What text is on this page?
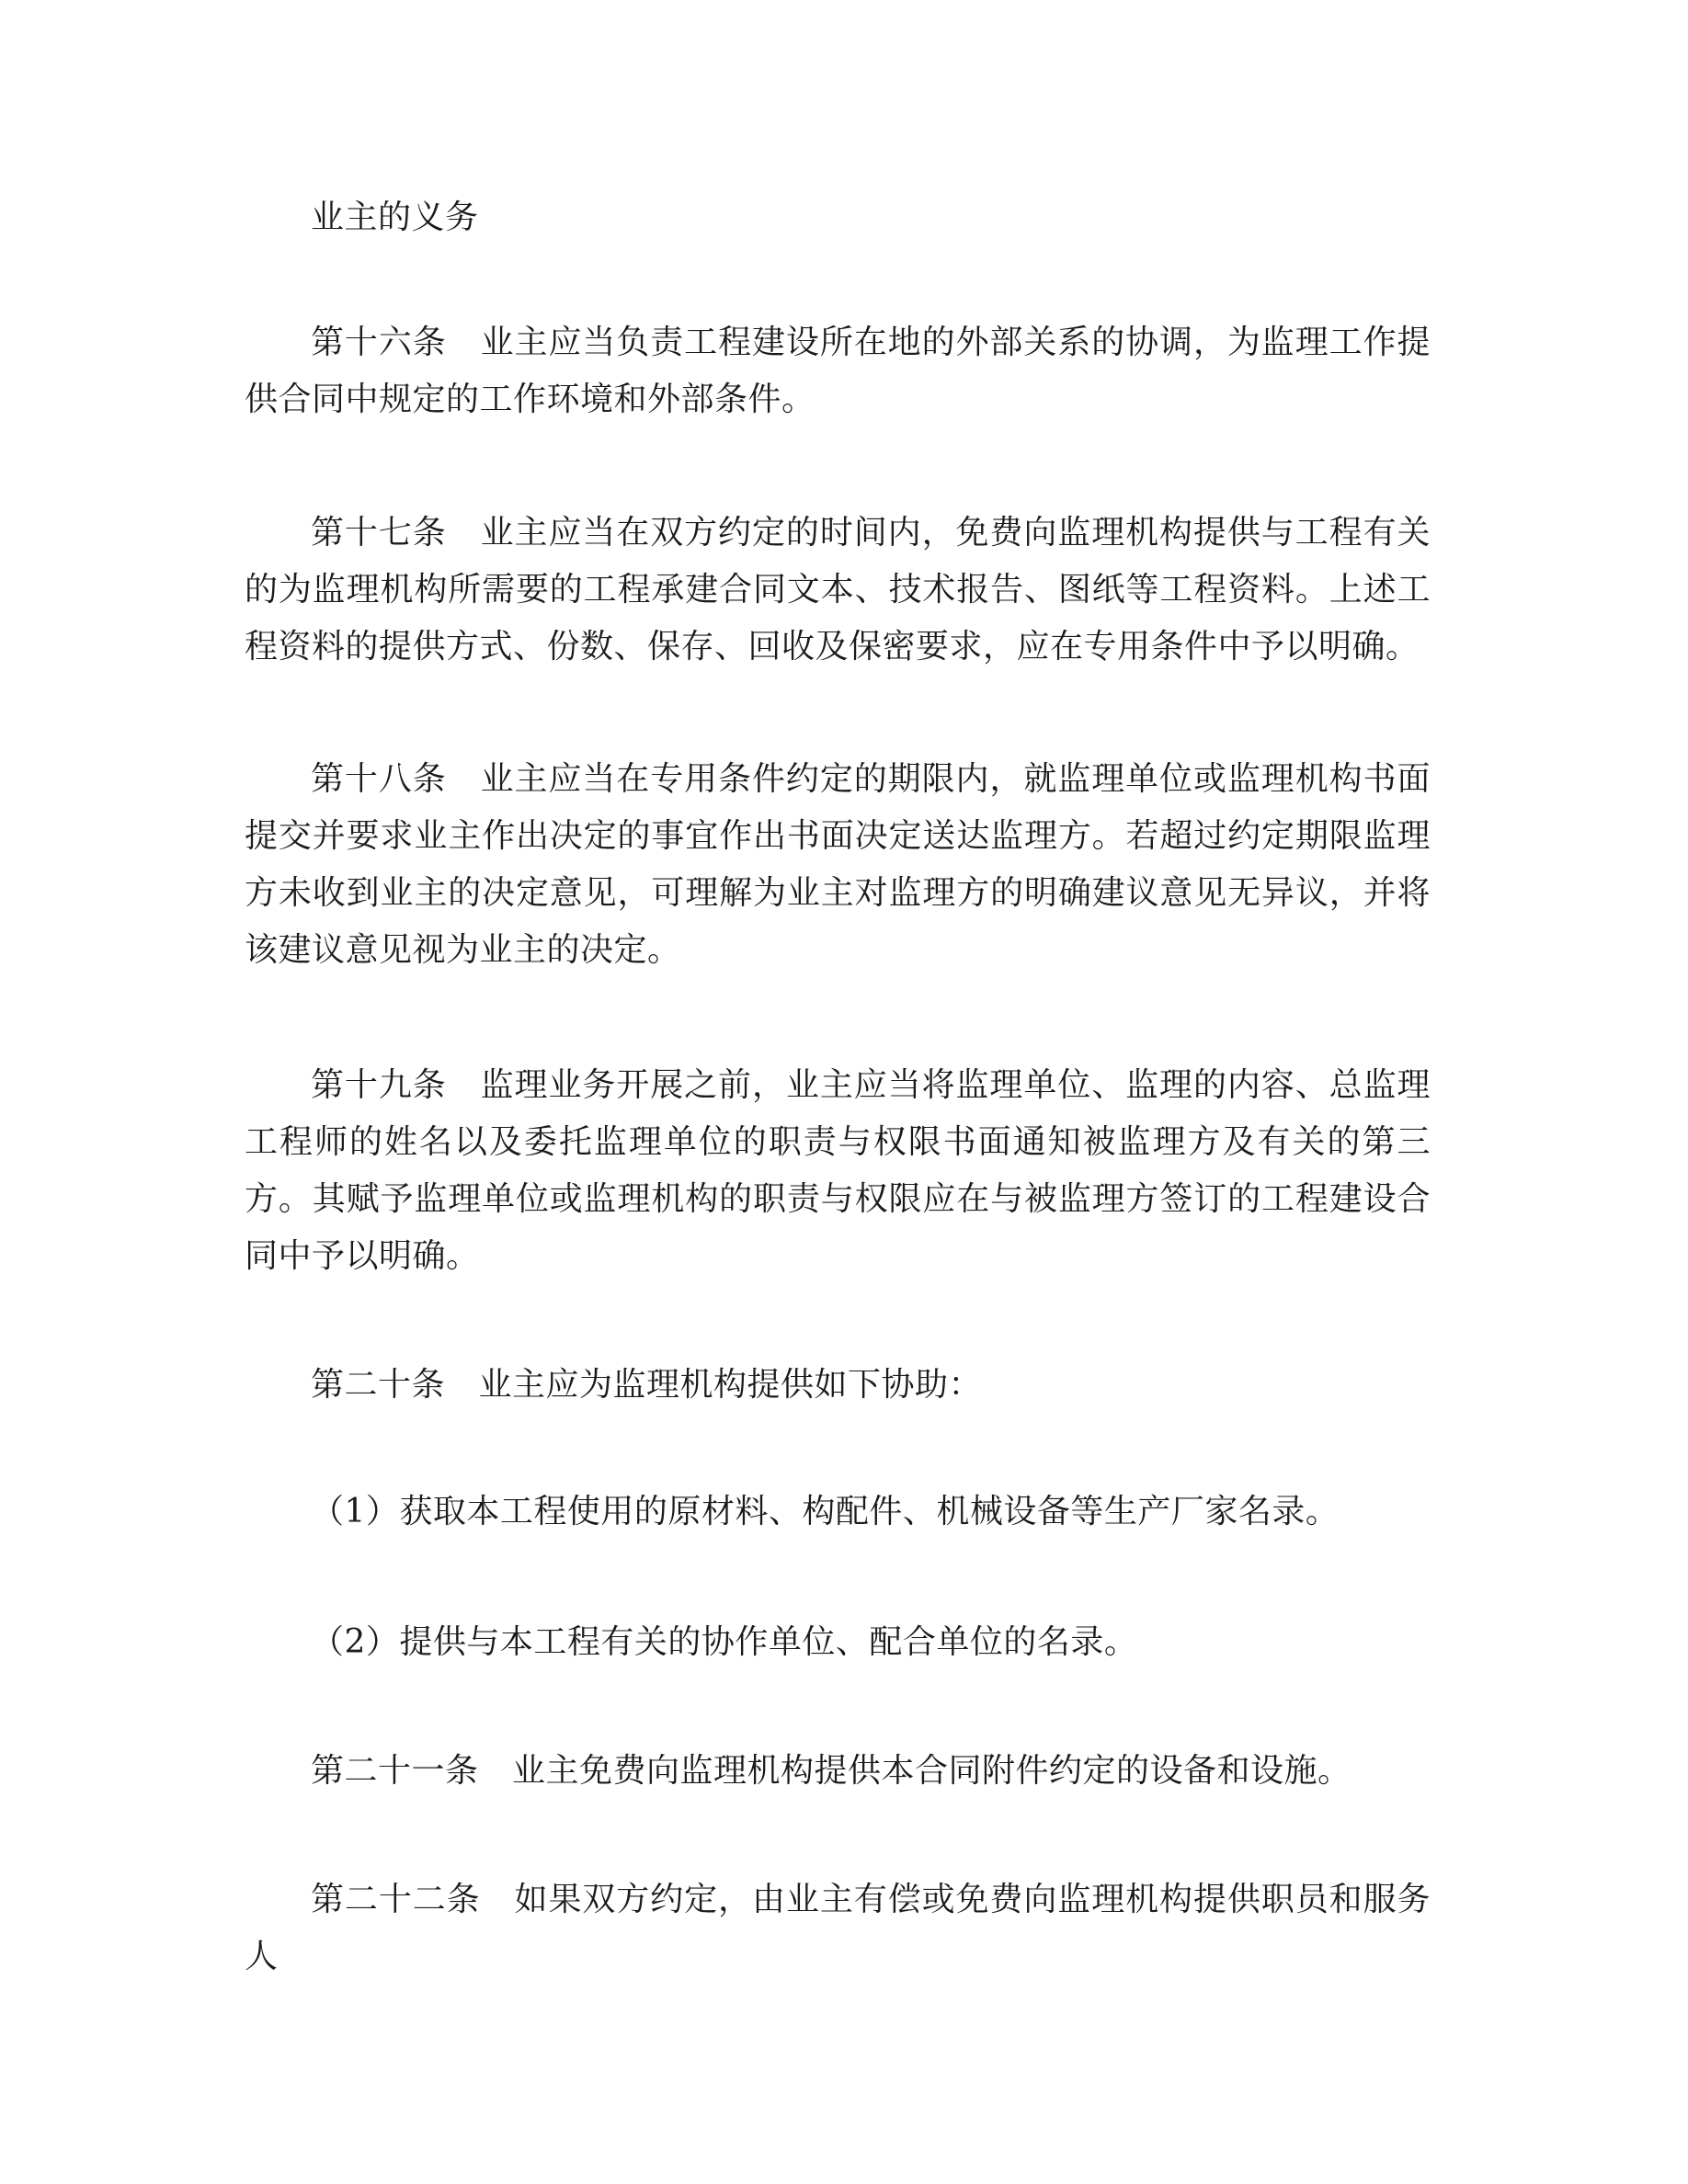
业主的义务

第十六条　业主应当负责工程建设所在地的外部关系的协调，为监理工作提供合同中规定的工作环境和外部条件。

第十七条　业主应当在双方约定的时间内，免费向监理机构提供与工程有关的为监理机构所需要的工程承建合同文本、技术报告、图纸等工程资料。上述工程资料的提供方式、份数、保存、回收及保密要求，应在专用条件中予以明确。

第十八条　业主应当在专用条件约定的期限内，就监理单位或监理机构书面提交并要求业主作出决定的事宜作出书面决定送达监理方。若超过约定期限监理方未收到业主的决定意见，可理解为业主对监理方的明确建议意见无异议，并将该建议意见视为业主的决定。

第十九条　监理业务开展之前，业主应当将监理单位、监理的内容、总监理工程师的姓名以及委托监理单位的职责与权限书面通知被监理方及有关的第三方。其赋予监理单位或监理机构的职责与权限应在与被监理方签订的工程建设合同中予以明确。

第二十条　业主应为监理机构提供如下协助：

（1）获取本工程使用的原材料、构配件、机械设备等生产厂家名录。

（2）提供与本工程有关的协作单位、配合单位的名录。

第二十一条　业主免费向监理机构提供本合同附件约定的设备和设施。

第二十二条　如果双方约定，由业主有偿或免费向监理机构提供职员和服务人
